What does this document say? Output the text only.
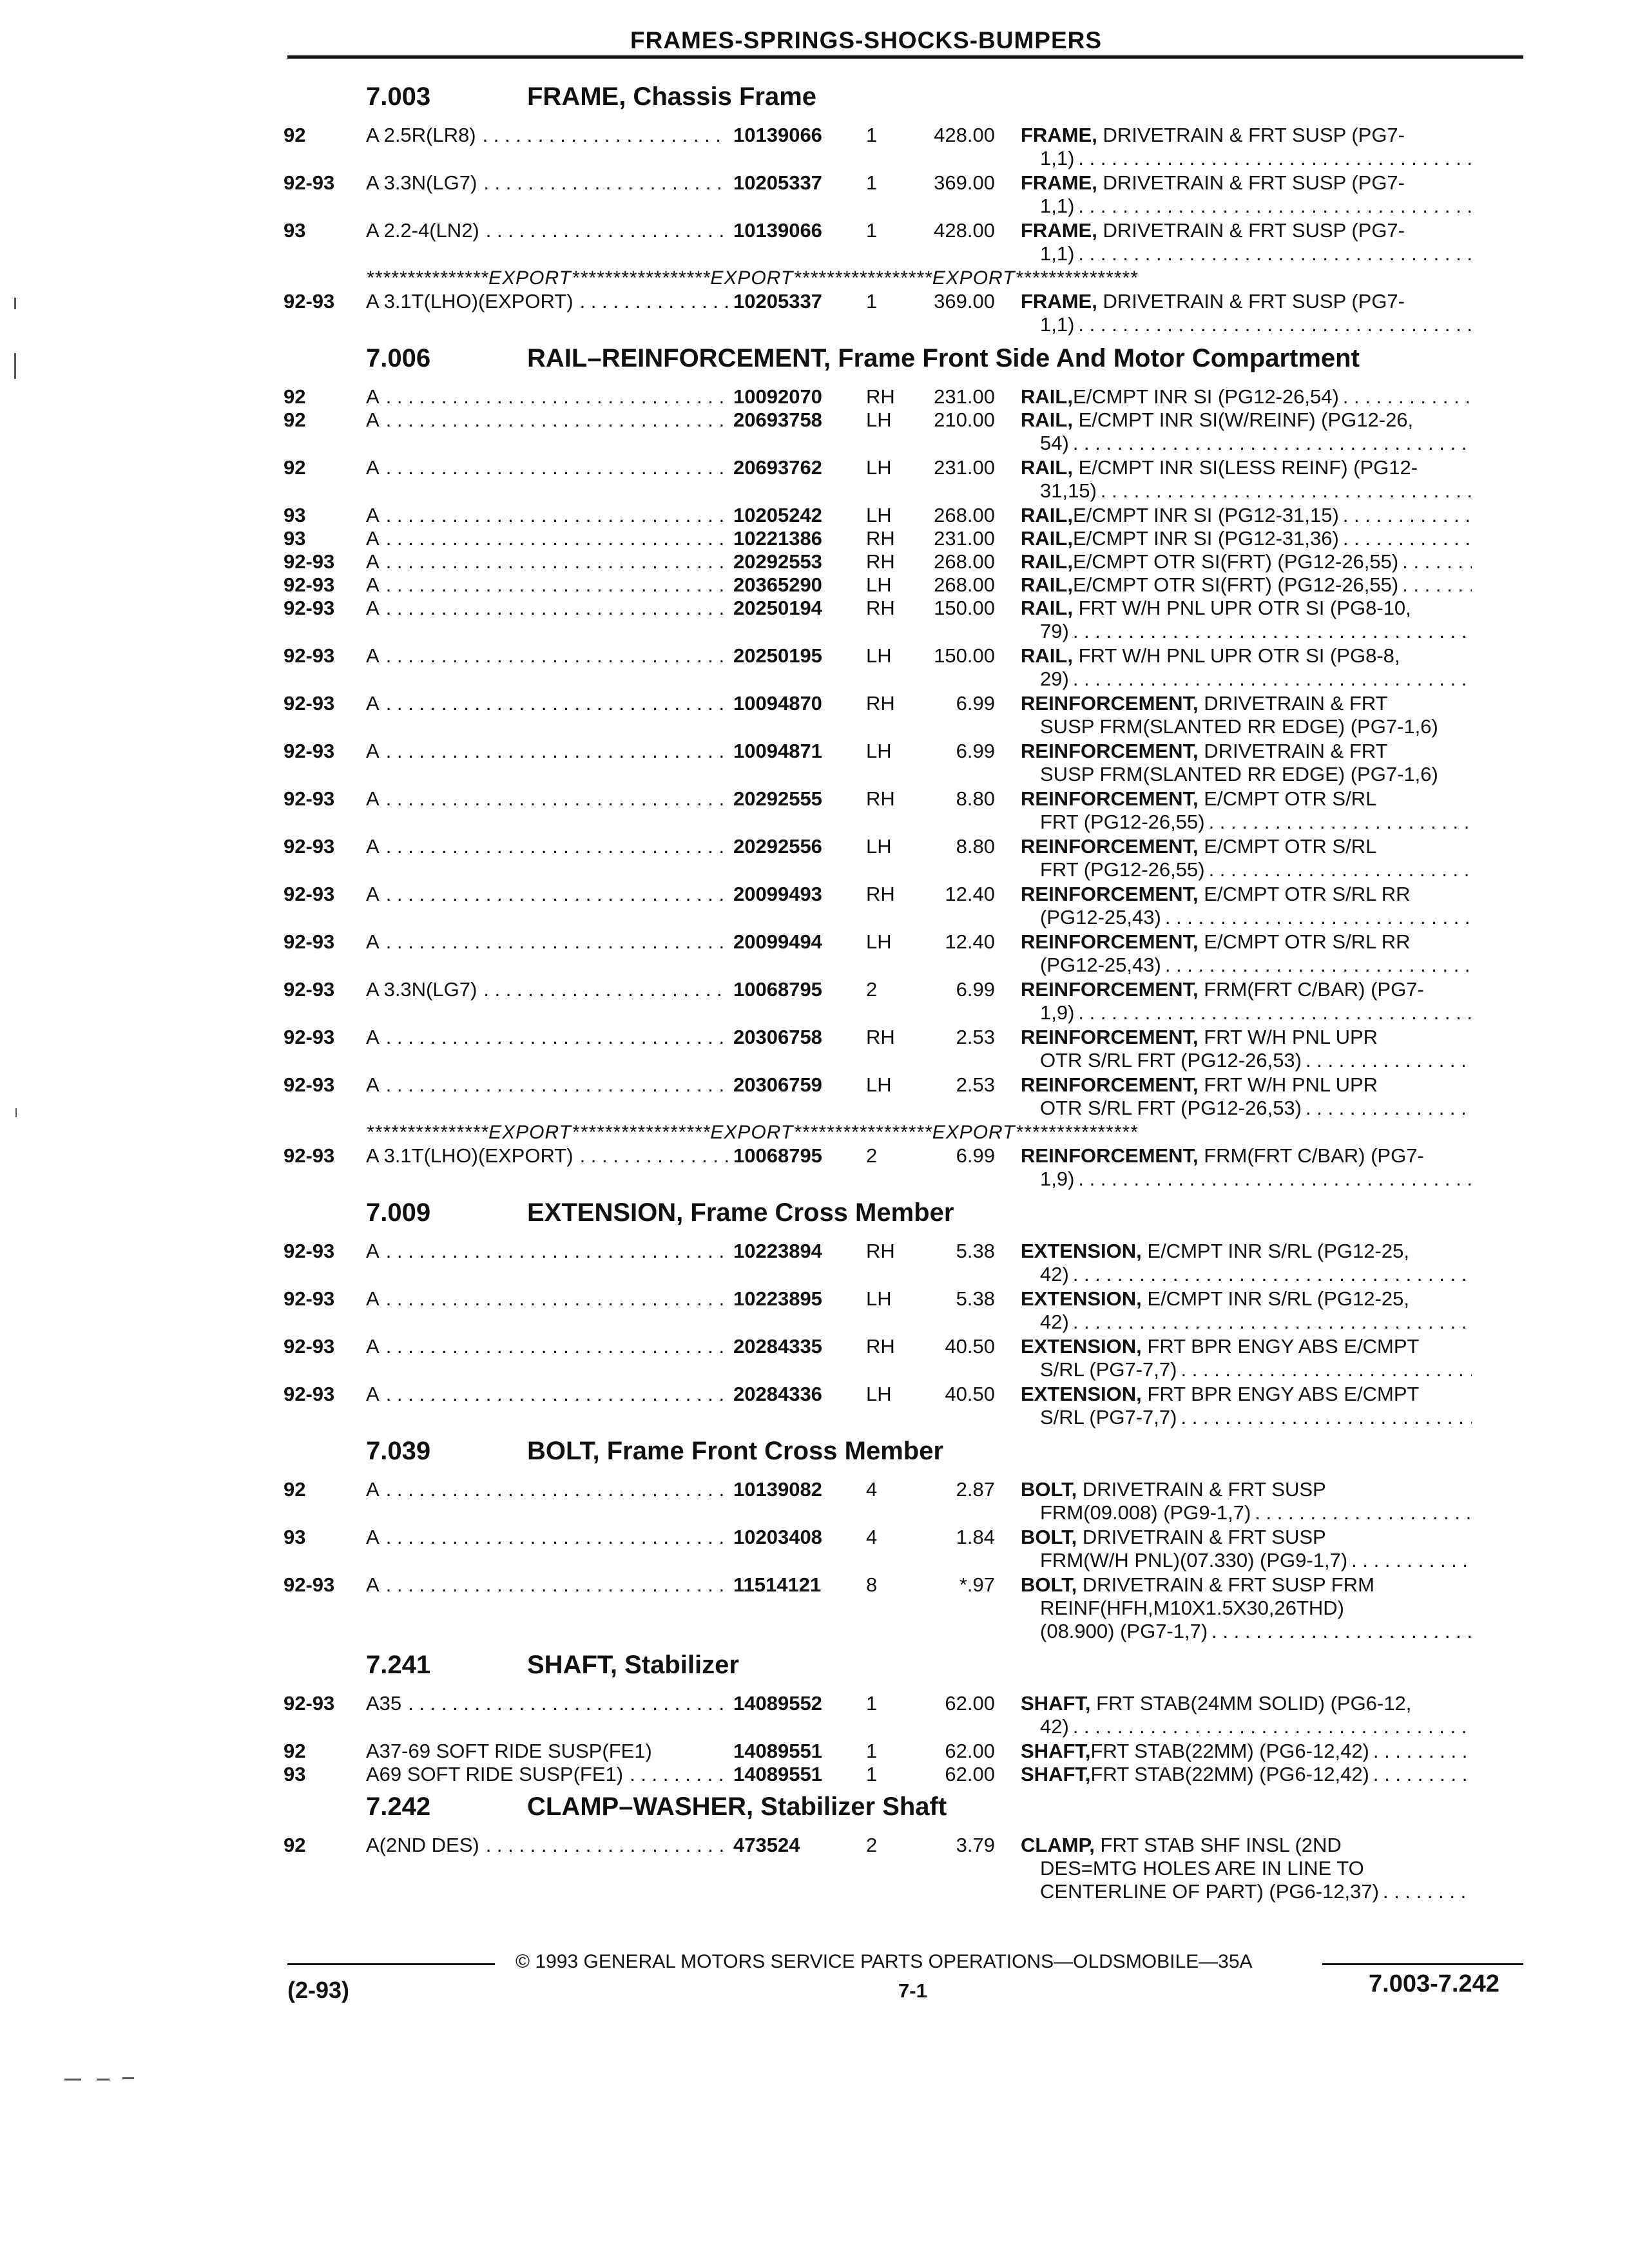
FRAMES-SPRINGS-SHOCKS-BUMPERS
7.003	FRAME, Chassis Frame
92	A 2.5R(LR8) . . .	10139066	1	428.00 FRAME, DRIVETRAIN & FRT SUSP (PG7-
1,1)
. . .
92-93	A 3.3N(LG7) . . .	10205337	1	369.00 FRAME, DRIVETRAIN & FRT SUSP (PG7-
1,1)
. . .
93	A 2.2-4(LN2) . . .	10139066	1	428.00 FRAME, DRIVETRAIN & FRT SUSP (PG7-
1,1)
. . .
***************EXPORT*****************EXPORT*****************EXPORT***************
92-93	A 3.1T(LHO)(EXPORT) . . .	10205337	1	369.00 FRAME, DRIVETRAIN & FRT SUSP (PG7-
1,1)
. . .
7.006	RAIL–REINFORCEMENT, Frame Front Side And Motor Compartment
92	A . . .	10092070	RH	231.00 RAIL, E/CMPT INR SI (PG12-26,54)
. . .
92	A . . .	20693758	LH	210.00 RAIL, E/CMPT INR SI(W/REINF) (PG12-26,
54)
. . .
92	A . . .	20693762	LH	231.00 RAIL, E/CMPT INR SI(LESS REINF) (PG12-
31,15)
. . .
93	A . . .	10205242	LH	268.00 RAIL, E/CMPT INR SI (PG12-31,15)
. . .
93	A . . .	10221386	RH	231.00 RAIL, E/CMPT INR SI (PG12-31,36)
. . .
92-93	A . . .	20292553	RH	268.00 RAIL, E/CMPT OTR SI(FRT) (PG12-26,55)
. . .
92-93	A . . .	20365290	LH	268.00 RAIL, E/CMPT OTR SI(FRT) (PG12-26,55)
. . .
92-93	A . . .	20250194	RH	150.00 RAIL, FRT W/H PNL UPR OTR SI (PG8-10,
79)
. . .
92-93	A . . .	20250195	LH	150.00 RAIL, FRT W/H PNL UPR OTR SI (PG8-8,
29)
. . .
92-93	A . . .	10094870	RH	6.99 REINFORCEMENT, DRIVETRAIN & FRT
SUSP FRM(SLANTED RR EDGE) (PG7-1,6)
92-93	A . . .	10094871	LH	6.99 REINFORCEMENT, DRIVETRAIN & FRT
SUSP FRM(SLANTED RR EDGE) (PG7-1,6)
92-93	A . . .	20292555	RH	8.80 REINFORCEMENT, E/CMPT OTR S/RL
FRT (PG12-26,55)
. . .
92-93	A . . .	20292556	LH	8.80 REINFORCEMENT, E/CMPT OTR S/RL
FRT (PG12-26,55)
. . .
92-93	A . . .	20099493	RH	12.40 REINFORCEMENT, E/CMPT OTR S/RL RR
(PG12-25,43)
. . .
92-93	A . . .	20099494	LH	12.40 REINFORCEMENT, E/CMPT OTR S/RL RR
(PG12-25,43)
. . .
92-93	A 3.3N(LG7) . . .	10068795	2	6.99 REINFORCEMENT, FRM(FRT C/BAR) (PG7-
1,9)
. . .
92-93	A . . .	20306758	RH	2.53 REINFORCEMENT, FRT W/H PNL UPR
OTR S/RL FRT (PG12-26,53)
. . .
92-93	A . . .	20306759	LH	2.53 REINFORCEMENT, FRT W/H PNL UPR
OTR S/RL FRT (PG12-26,53)
. . .
***************EXPORT*****************EXPORT*****************EXPORT***************
92-93	A 3.1T(LHO)(EXPORT) . . .	10068795	2	6.99 REINFORCEMENT, FRM(FRT C/BAR) (PG7-
1,9)
. . .
7.009	EXTENSION, Frame Cross Member
92-93	A . . .	10223894	RH	5.38 EXTENSION, E/CMPT INR S/RL (PG12-25,
42)
. . .
92-93	A . . .	10223895	LH	5.38 EXTENSION, E/CMPT INR S/RL (PG12-25,
42)
. . .
92-93	A . . .	20284335	RH	40.50 EXTENSION, FRT BPR ENGY ABS E/CMPT
S/RL (PG7-7,7)
. . .
92-93	A . . .	20284336	LH	40.50 EXTENSION, FRT BPR ENGY ABS E/CMPT
S/RL (PG7-7,7)
. . .
7.039	BOLT, Frame Front Cross Member
92	A . . .	10139082	4	2.87 BOLT, DRIVETRAIN & FRT SUSP
FRM(09.008) (PG9-1,7)
. . .
93	A . . .	10203408	4	1.84 BOLT, DRIVETRAIN & FRT SUSP
FRM(W/H PNL)(07.330) (PG9-1,7)
. . .
92-93	A . . .	11514121	8	*.97 BOLT, DRIVETRAIN & FRT SUSP FRM
REINF(HFH,M10X1.5X30,26THD)
(08.900) (PG7-1,7)
. . .
7.241	SHAFT, Stabilizer
92-93	A35 . . .	14089552	1	62.00 SHAFT, FRT STAB(24MM SOLID) (PG6-12,
42)
. . .
92	A37-69 SOFT RIDE SUSP(FE1)	14089551	1	62.00 SHAFT, FRT STAB(22MM) (PG6-12,42)
. . .
93	A69 SOFT RIDE SUSP(FE1) . . .	14089551	1	62.00 SHAFT, FRT STAB(22MM) (PG6-12,42)
. . .
7.242	CLAMP–WASHER, Stabilizer Shaft
92	A(2ND DES) . . .	473524	2	3.79 CLAMP, FRT STAB SHF INSL (2ND
DES=MTG HOLES ARE IN LINE TO
CENTERLINE OF PART) (PG6-12,37)
. . .
© 1993 GENERAL MOTORS SERVICE PARTS OPERATIONS—OLDSMOBILE—35A
(2-93)	7-1	7.003-7.242
